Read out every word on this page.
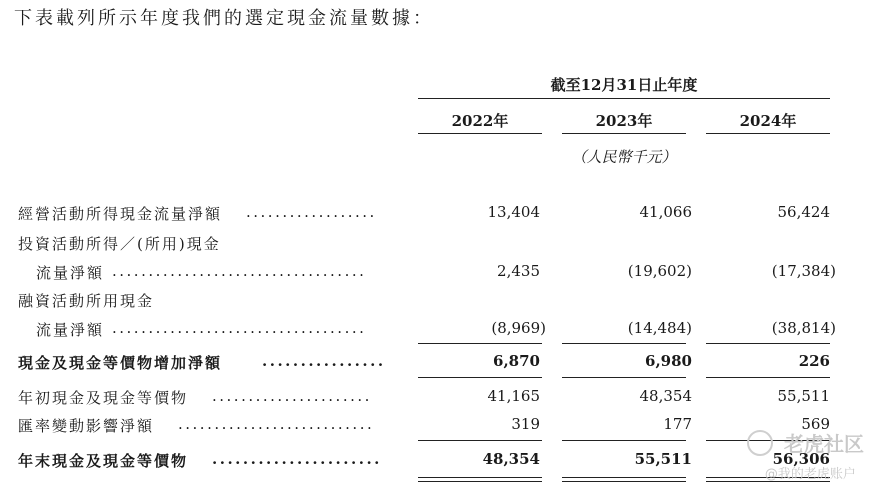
下表載列所示年度我們的選定現金流量數據：
截至12月31日止年度
2022年	2023年	2024年
（人民幣千元）
經營活動所得現金流量淨額 ..................	13,404	41,066	56,424
投資活動所得／(所用)現金
流量淨額 ...................................	2,435	(19,602)	(17,384)
融資活動所用現金
流量淨額 ...................................	(8,969)	(14,484)	(38,814)
現金及現金等價物增加淨額	................	6,870	6,980	226
年初現金及現金等價物 ......................	41,165	48,354	55,511
匯率變動影響淨額 ...........................	319	177	569
年末現金及現金等價物 ......................	48,354	55,511	56,306
老虎社区
@我的老虎账户
